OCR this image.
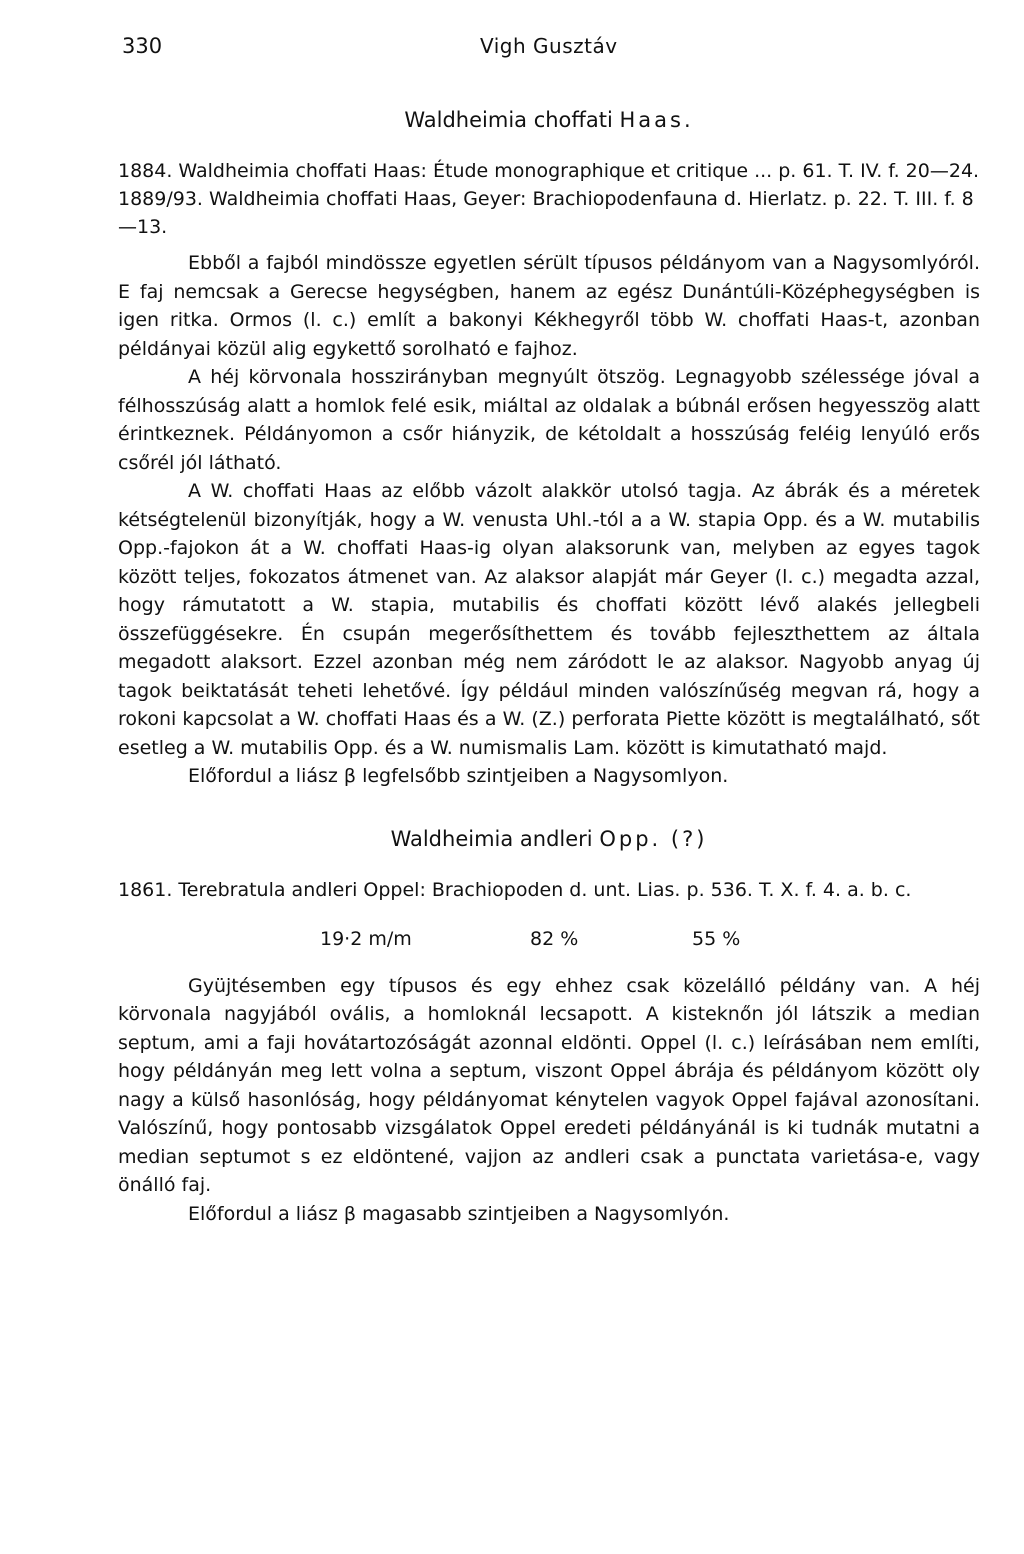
330	Vigh Gusztáv
Waldheimia choffati Haas.

1884. Waldheimia choffati Haas: Étude monographique et critique ... p. 61. T. IV. f. 20—24.

1889/93. Waldheimia choffati Haas, Geyer: Brachiopodenfauna d. Hierlatz. p. 22. T. III. f. 8—13.

Ebből a fajból mindössze egyetlen sérült típusos példányom van a Nagysomlyóról. E faj nemcsak a Gerecse hegységben, hanem az egész Dunántúli-Középhegységben is igen ritka. Ormos (l. c.) említ a bakonyi Kékhegyről több W. choffati Haas-t, azonban példányai közül alig egykettő sorolható e fajhoz.

A héj körvonala hosszirányban megnyúlt ötszög. Legnagyobb szélessége jóval a félhosszúság alatt a homlok felé esik, miáltal az oldalak a búbnál erősen hegyesszög alatt érintkeznek. Példányomon a csőr hiányzik, de kétoldalt a hosszúság feléig lenyúló erős csőrél jól látható.

A W. choffati Haas az előbb vázolt alakkör utolsó tagja. Az ábrák és a méretek kétségtelenül bizonyítják, hogy a W. venusta Uhl.-tól a a W. stapia Opp. és a W. mutabilis Opp.-fajokon át a W. choffati Haas-ig olyan alaksorunk van, melyben az egyes tagok között teljes, fokozatos átmenet van. Az alaksor alapját már Geyer (l. c.) megadta azzal, hogy rámutatott a W. stapia, mutabilis és choffati között lévő alakés jellegbeli összefüggésekre. Én csupán megerősíthettem és tovább fejleszthettem az általa megadott alaksort. Ezzel azonban még nem záródott le az alaksor. Nagyobb anyag új tagok beiktatását teheti lehetővé. Így például minden valószínűség megvan rá, hogy a rokoni kapcsolat a W. choffati Haas és a W. (Z.) perforata Piette között is megtalálható, sőt esetleg a W. mutabilis Opp. és a W. numismalis Lam. között is kimutatható majd.

Előfordul a liász β legfelsőbb szintjeiben a Nagysomlyon.

Waldheimia andleri Opp. (?)

1861. Terebratula andleri Oppel: Brachiopoden d. unt. Lias. p. 536. T. X. f. 4. a. b. c.

19·2 m/m	82 %	55 %

Gyüjtésemben egy típusos és egy ehhez csak közelálló példány van. A héj körvonala nagyjából ovális, a homloknál lecsapott. A kisteknőn jól látszik a median septum, ami a faji hovátartozóságát azonnal eldönti. Oppel (l. c.) leírásában nem említi, hogy példányán meg lett volna a septum, viszont Oppel ábrája és példányom között oly nagy a külső hasonlóság, hogy példányomat kénytelen vagyok Oppel fajával azonosítani. Valószínű, hogy pontosabb vizsgálatok Oppel eredeti példányánál is ki tudnák mutatni a median septumot s ez eldöntené, vajjon az andleri csak a punctata varietása-e, vagy önálló faj.

Előfordul a liász β magasabb szintjeiben a Nagysomlyón.
